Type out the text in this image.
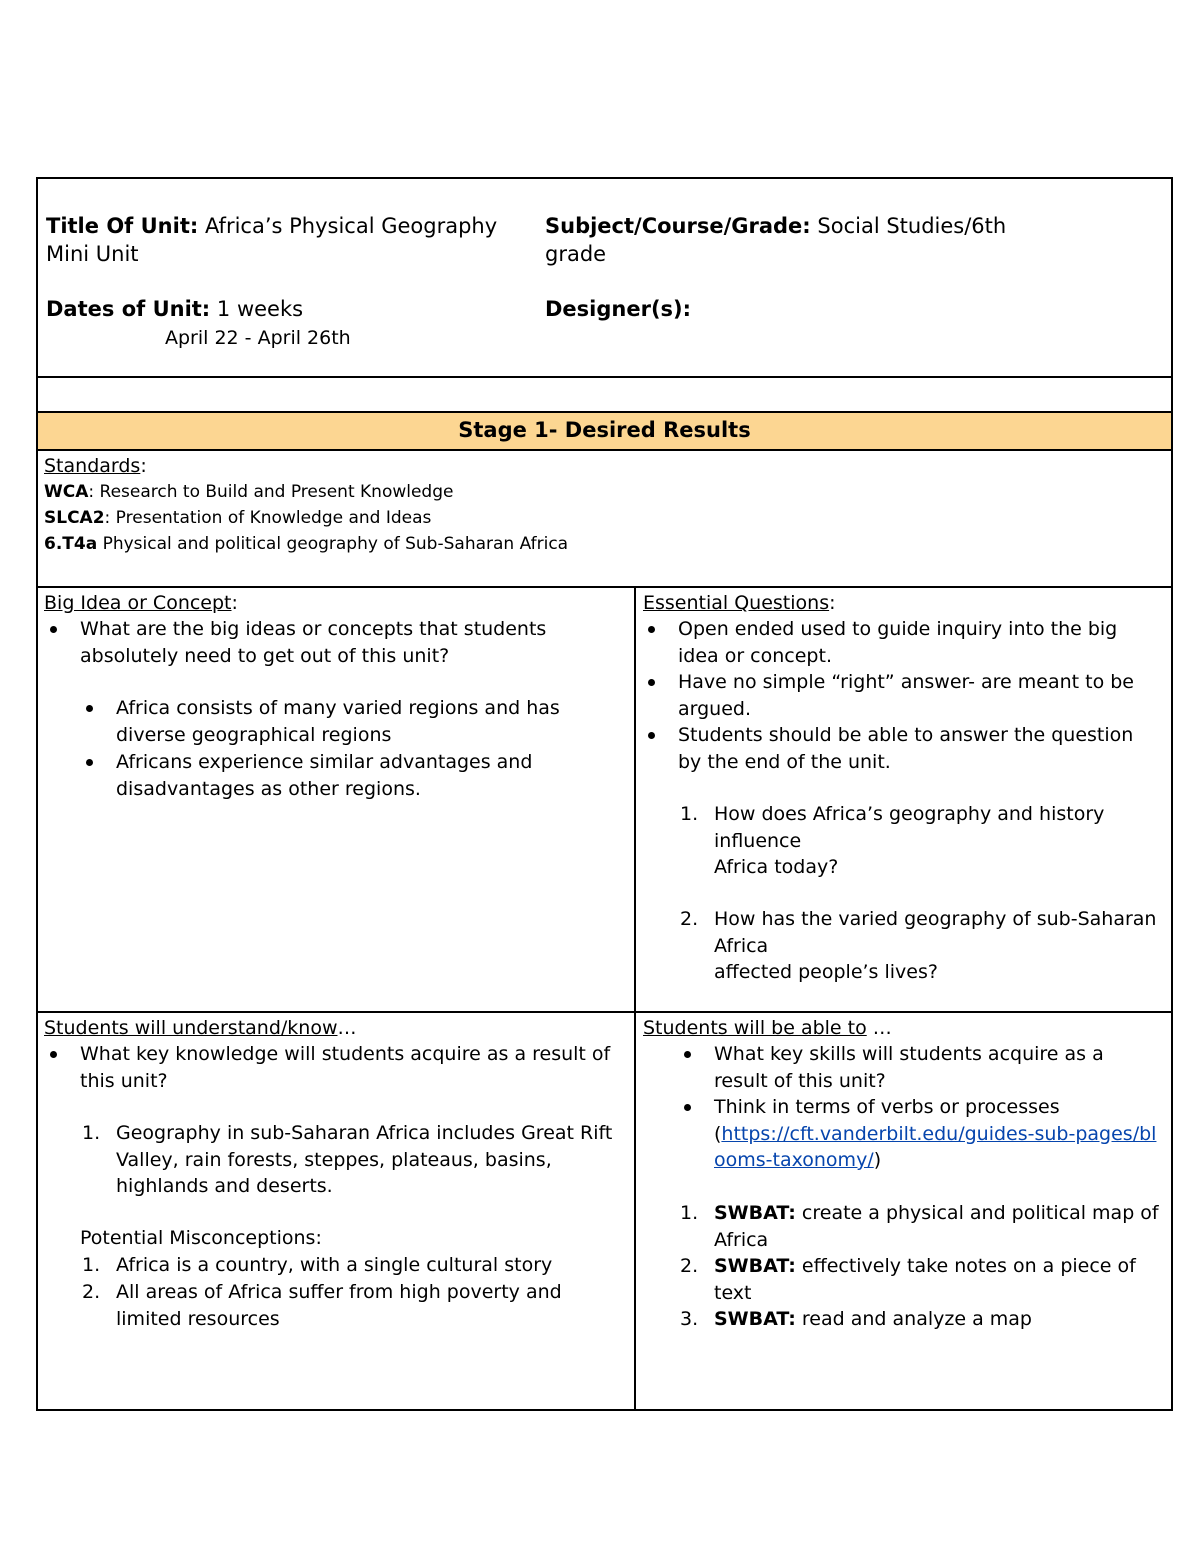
Title Of Unit: Africa’s Physical Geography
Mini Unit
Subject/Course/Grade: Social Studies/6th
grade
Dates of Unit: 1 weeks
April 22 - April 26th
Designer(s):
Stage 1- Desired Results
Standards:
WCA: Research to Build and Present Knowledge
SLCA2: Presentation of Knowledge and Ideas
6.T4a Physical and political geography of Sub-Saharan Africa
Big Idea or Concept:
What are the big ideas or concepts that students
absolutely need to get out of this unit?
Africa consists of many varied regions and has
diverse geographical regions
Africans experience similar advantages and
disadvantages as other regions.
Essential Questions:
Open ended used to guide inquiry into the big
idea or concept.
Have no simple “right” answer- are meant to be
argued.
Students should be able to answer the question
by the end of the unit.
1. How does Africa’s geography and history
influence
Africa today?
2. How has the varied geography of sub-Saharan
Africa
affected people’s lives?
Students will understand/know…
What key knowledge will students acquire as a result of
this unit?
1. Geography in sub-Saharan Africa includes Great Rift
Valley, rain forests, steppes, plateaus, basins,
highlands and deserts.
Potential Misconceptions:
1. Africa is a country, with a single cultural story
2. All areas of Africa suffer from high poverty and
limited resources
Students will be able to …
What key skills will students acquire as a
result of this unit?
Think in terms of verbs or processes
(https://cft.vanderbilt.edu/guides-sub-pages/bl
ooms-taxonomy/)
1. SWBAT: create a physical and political map of
Africa
2. SWBAT: effectively take notes on a piece of
text
3. SWBAT: read and analyze a map
